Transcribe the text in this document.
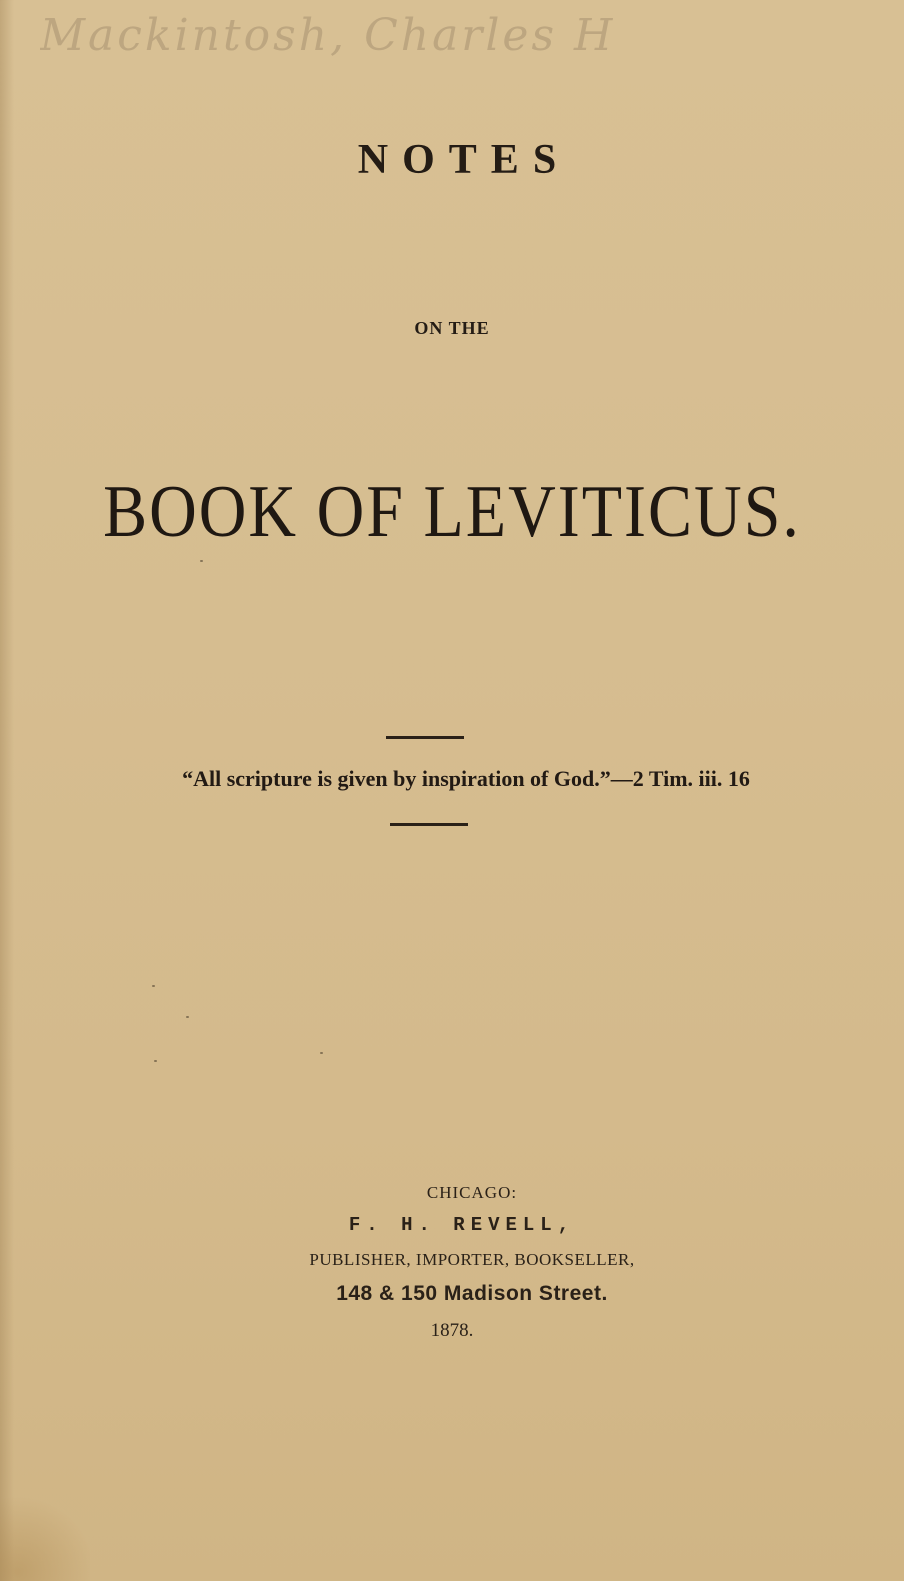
Mackintosh, Charles H
NOTES
ON THE
BOOK OF LEVITICUS.
“All scripture is given by inspiration of God.”—2 Tim. iii. 16
CHICAGO:
F. H. REVELL,
PUBLISHER, IMPORTER, BOOKSELLER,
148 & 150 Madison Street.
1878.
